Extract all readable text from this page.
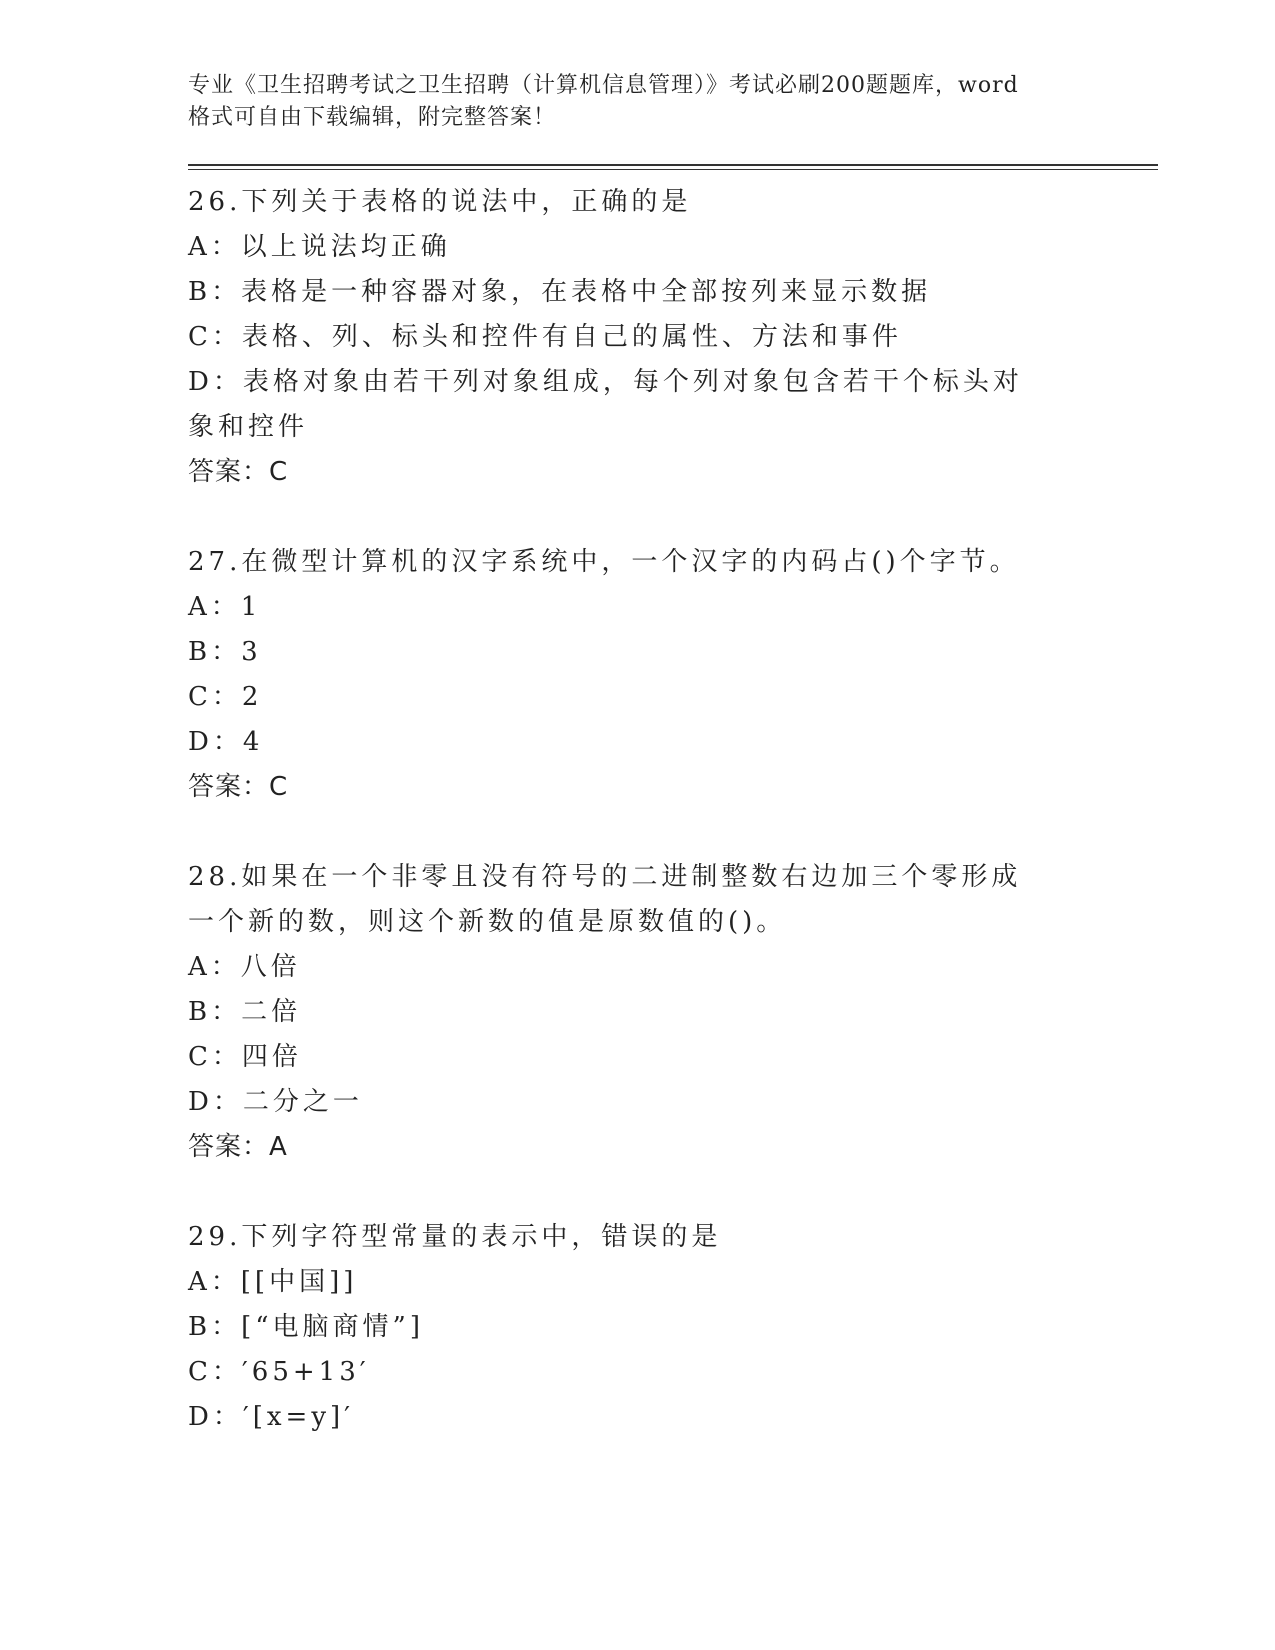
专业《卫生招聘考试之卫生招聘（计算机信息管理）》考试必刷200题题库，word
格式可自由下载编辑，附完整答案！
26.下列关于表格的说法中，正确的是
A：以上说法均正确
B：表格是一种容器对象，在表格中全部按列来显示数据
C：表格、列、标头和控件有自己的属性、方法和事件
D：表格对象由若干列对象组成，每个列对象包含若干个标头对象和控件
答案：C
27.在微型计算机的汉字系统中，一个汉字的内码占()个字节。
A：1
B：3
C：2
D：4
答案：C
28.如果在一个非零且没有符号的二进制整数右边加三个零形成一个新的数，则这个新数的值是原数值的()。
A：八倍
B：二倍
C：四倍
D：二分之一
答案：A
29.下列字符型常量的表示中，错误的是
A：[[中国]]
B：[“电脑商情”]
C：′65+13′
D：′[x=y]′
